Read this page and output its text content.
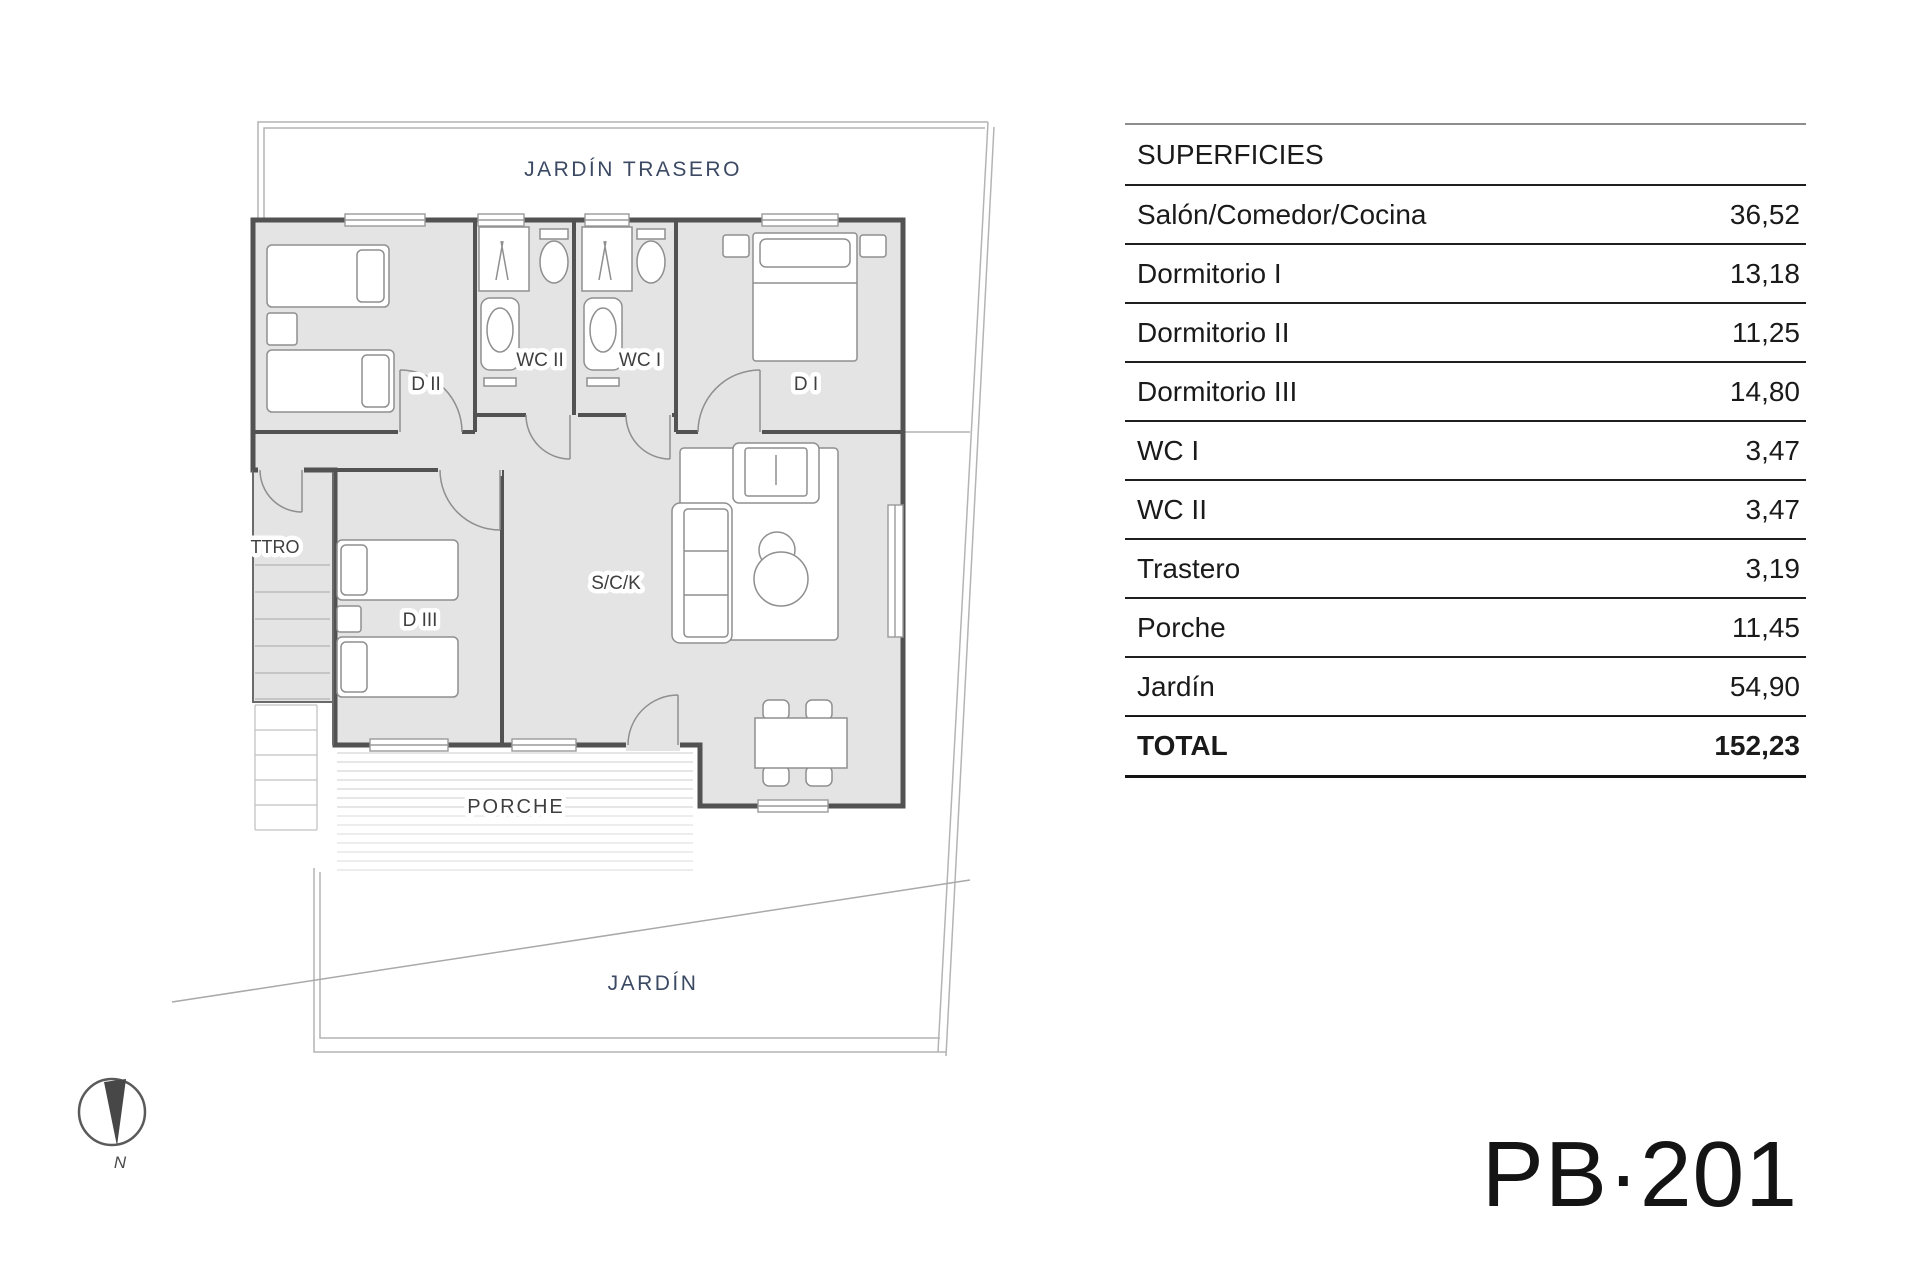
N
JARDÍN TRASERO
JARDÍN
PORCHE
D II
WC II	WC I
D I
TTRO
D III
S/C/K
SUPERFICIES
Salón/Comedor/Cocina	36,52
Dormitorio I	13,18
Dormitorio II	11,25
Dormitorio III	14,80
WC I	3,47
WC II	3,47
Trastero	3,19
Porche	11,45
Jardín	54,90
TOTAL	152,23
PB·201
